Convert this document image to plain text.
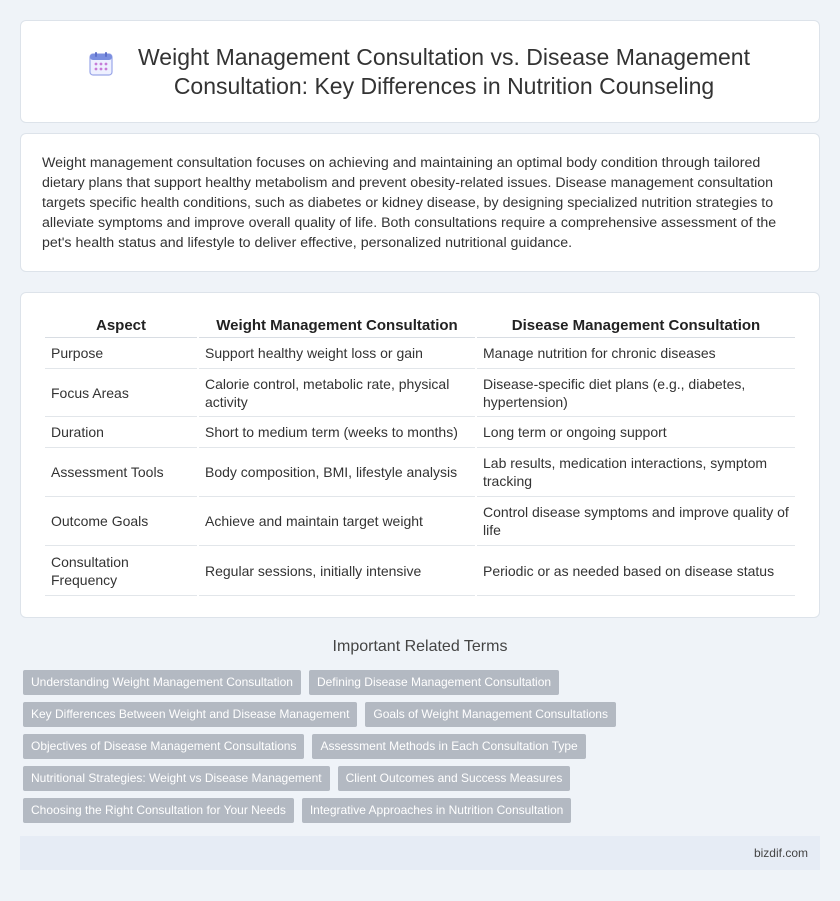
Weight Management Consultation vs. Disease Management Consultation: Key Differences in Nutrition Counseling

Weight management consultation focuses on achieving and maintaining an optimal body condition through tailored dietary plans that support healthy metabolism and prevent obesity-related issues. Disease management consultation targets specific health conditions, such as diabetes or kidney disease, by designing specialized nutrition strategies to alleviate symptoms and improve overall quality of life. Both consultations require a comprehensive assessment of the pet's health status and lifestyle to deliver effective, personalized nutritional guidance.

Aspect	Weight Management Consultation	Disease Management Consultation
Purpose	Support healthy weight loss or gain	Manage nutrition for chronic diseases
Focus Areas	Calorie control, metabolic rate, physical activity	Disease-specific diet plans (e.g., diabetes, hypertension)
Duration	Short to medium term (weeks to months)	Long term or ongoing support
Assessment Tools	Body composition, BMI, lifestyle analysis	Lab results, medication interactions, symptom tracking
Outcome Goals	Achieve and maintain target weight	Control disease symptoms and improve quality of life
Consultation Frequency	Regular sessions, initially intensive	Periodic or as needed based on disease status
Important Related Terms
Understanding Weight Management Consultation	Defining Disease Management Consultation
Key Differences Between Weight and Disease Management	Goals of Weight Management Consultations
Objectives of Disease Management Consultations	Assessment Methods in Each Consultation Type
Nutritional Strategies: Weight vs Disease Management	Client Outcomes and Success Measures
Choosing the Right Consultation for Your Needs	Integrative Approaches in Nutrition Consultation
bizdif.com
